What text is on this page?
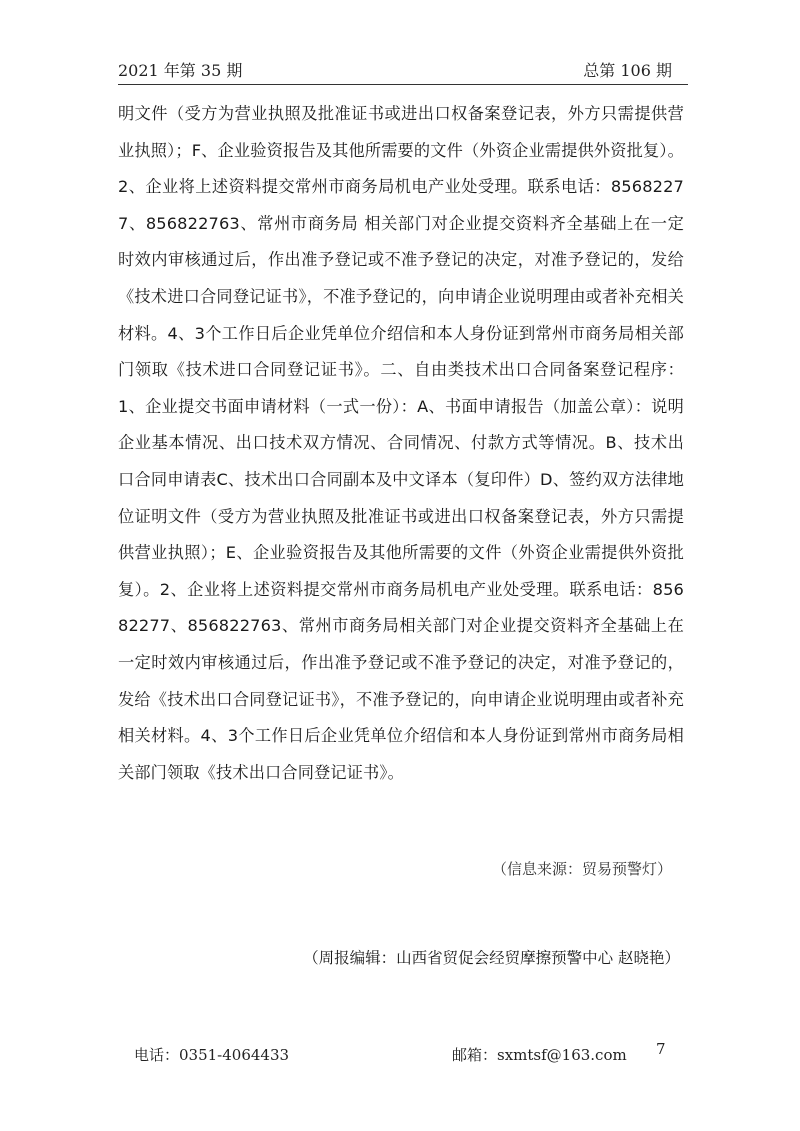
2021 年第 35 期	总第 106 期

明文件（受方为营业执照及批准证书或进出口权备案登记表，外方只需提供营业执照）；F、企业验资报告及其他所需要的文件（外资企业需提供外资批复）。2、企业将上述资料提交常州市商务局机电产业处受理。联系电话：85682277、856822763、常州市商务局 相关部门对企业提交资料齐全基础上在一定时效内审核通过后，作出准予登记或不准予登记的决定，对准予登记的，发给《技术进口合同登记证书》，不准予登记的，向申请企业说明理由或者补充相关材料。4、3个工作日后企业凭单位介绍信和本人身份证到常州市商务局相关部门领取《技术进口合同登记证书》。二、自由类技术出口合同备案登记程序：1、企业提交书面申请材料（一式一份）：A、书面申请报告（加盖公章）：说明企业基本情况、出口技术双方情况、合同情况、付款方式等情况。B、技术出口合同申请表C、技术出口合同副本及中文译本（复印件）D、签约双方法律地位证明文件（受方为营业执照及批准证书或进出口权备案登记表，外方只需提供营业执照）；E、企业验资报告及其他所需要的文件（外资企业需提供外资批复）。2、企业将上述资料提交常州市商务局机电产业处受理。联系电话：85682277、856822763、常州市商务局相关部门对企业提交资料齐全基础上在一定时效内审核通过后，作出准予登记或不准予登记的决定，对准予登记的，发给《技术出口合同登记证书》，不准予登记的，向申请企业说明理由或者补充相关材料。4、3个工作日后企业凭单位介绍信和本人身份证到常州市商务局相关部门领取《技术出口合同登记证书》。

（信息来源：贸易预警灯）
（周报编辑：山西省贸促会经贸摩擦预警中心 赵晓艳）
电话：0351-4064433	邮箱：sxmtsf@163.com 7
